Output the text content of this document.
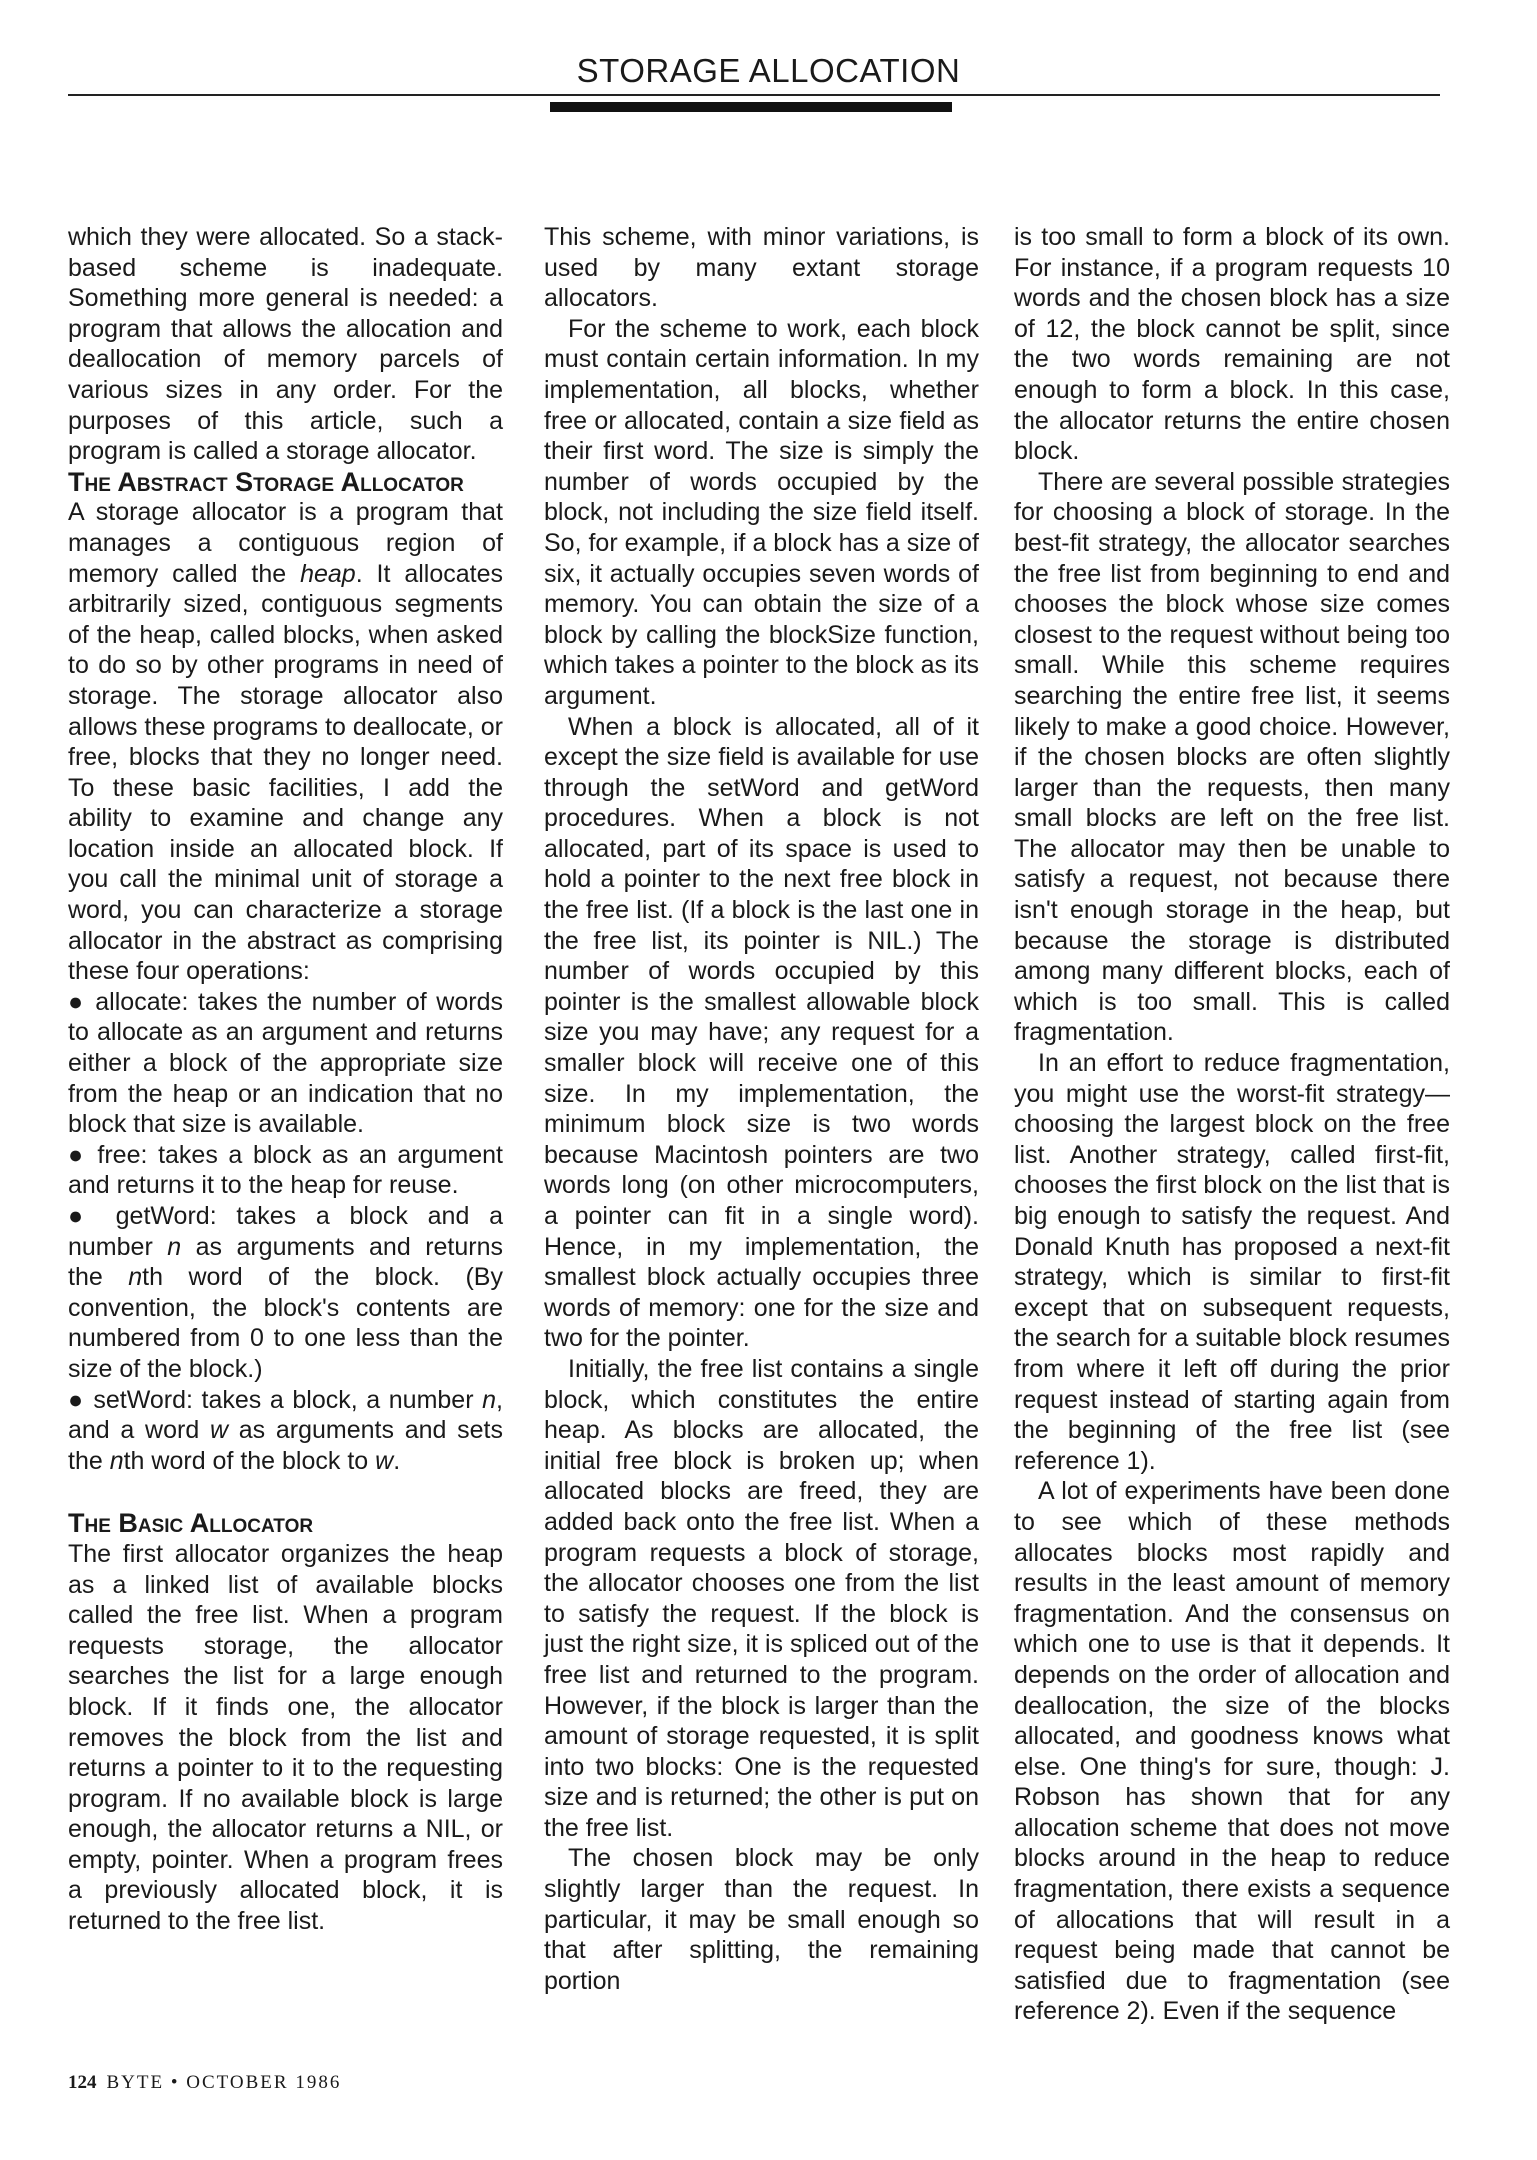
STORAGE ALLOCATION

which they were allocated. So a stack-based scheme is inadequate. Something more general is needed: a program that allows the allocation and deallocation of memory parcels of various sizes in any order. For the purposes of this article, such a program is called a storage allocator.

The Abstract Storage Allocator

A storage allocator is a program that manages a contiguous region of memory called the heap. It allocates arbitrarily sized, contiguous segments of the heap, called blocks, when asked to do so by other programs in need of storage. The storage allocator also allows these programs to deallocate, or free, blocks that they no longer need. To these basic facilities, I add the ability to examine and change any location inside an allocated block. If you call the minimal unit of storage a word, you can characterize a storage allocator in the abstract as comprising these four operations:

● allocate: takes the number of words to allocate as an argument and returns either a block of the appropriate size from the heap or an indication that no block that size is available.

● free: takes a block as an argument and returns it to the heap for reuse.

● getWord: takes a block and a number n as arguments and returns the nth word of the block. (By convention, the block's contents are numbered from 0 to one less than the size of the block.)

● setWord: takes a block, a number n, and a word w as arguments and sets the nth word of the block to w.

The Basic Allocator

The first allocator organizes the heap as a linked list of available blocks called the free list. When a program requests storage, the allocator searches the list for a large enough block. If it finds one, the allocator removes the block from the list and returns a pointer to it to the requesting program. If no available block is large enough, the allocator returns a NIL, or empty, pointer. When a program frees a previously allocated block, it is returned to the free list.

This scheme, with minor variations, is used by many extant storage allocators.

For the scheme to work, each block must contain certain information. In my implementation, all blocks, whether free or allocated, contain a size field as their first word. The size is simply the number of words occupied by the block, not including the size field itself. So, for example, if a block has a size of six, it actually occupies seven words of memory. You can obtain the size of a block by calling the blockSize function, which takes a pointer to the block as its argument.

When a block is allocated, all of it except the size field is available for use through the setWord and getWord procedures. When a block is not allocated, part of its space is used to hold a pointer to the next free block in the free list. (If a block is the last one in the free list, its pointer is NIL.) The number of words occupied by this pointer is the smallest allowable block size you may have; any request for a smaller block will receive one of this size. In my implementation, the minimum block size is two words because Macintosh pointers are two words long (on other microcomputers, a pointer can fit in a single word). Hence, in my implementation, the smallest block actually occupies three words of memory: one for the size and two for the pointer.

Initially, the free list contains a single block, which constitutes the entire heap. As blocks are allocated, the initial free block is broken up; when allocated blocks are freed, they are added back onto the free list. When a program requests a block of storage, the allocator chooses one from the list to satisfy the request. If the block is just the right size, it is spliced out of the free list and returned to the program. However, if the block is larger than the amount of storage requested, it is split into two blocks: One is the requested size and is returned; the other is put on the free list.

The chosen block may be only slightly larger than the request. In particular, it may be small enough so that after splitting, the remaining portion

is too small to form a block of its own. For instance, if a program requests 10 words and the chosen block has a size of 12, the block cannot be split, since the two words remaining are not enough to form a block. In this case, the allocator returns the entire chosen block.

There are several possible strategies for choosing a block of storage. In the best-fit strategy, the allocator searches the free list from beginning to end and chooses the block whose size comes closest to the request without being too small. While this scheme requires searching the entire free list, it seems likely to make a good choice. However, if the chosen blocks are often slightly larger than the requests, then many small blocks are left on the free list. The allocator may then be unable to satisfy a request, not because there isn't enough storage in the heap, but because the storage is distributed among many different blocks, each of which is too small. This is called fragmentation.

In an effort to reduce fragmentation, you might use the worst-fit strategy—choosing the largest block on the free list. Another strategy, called first-fit, chooses the first block on the list that is big enough to satisfy the request. And Donald Knuth has proposed a next-fit strategy, which is similar to first-fit except that on subsequent requests, the search for a suitable block resumes from where it left off during the prior request instead of starting again from the beginning of the free list (see reference 1).

A lot of experiments have been done to see which of these methods allocates blocks most rapidly and results in the least amount of memory fragmentation. And the consensus on which one to use is that it depends. It depends on the order of allocation and deallocation, the size of the blocks allocated, and goodness knows what else. One thing's for sure, though: J. Robson has shown that for any allocation scheme that does not move blocks around in the heap to reduce fragmentation, there exists a sequence of allocations that will result in a request being made that cannot be satisfied due to fragmentation (see reference 2). Even if the sequence

124 BYTE • OCTOBER 1986
